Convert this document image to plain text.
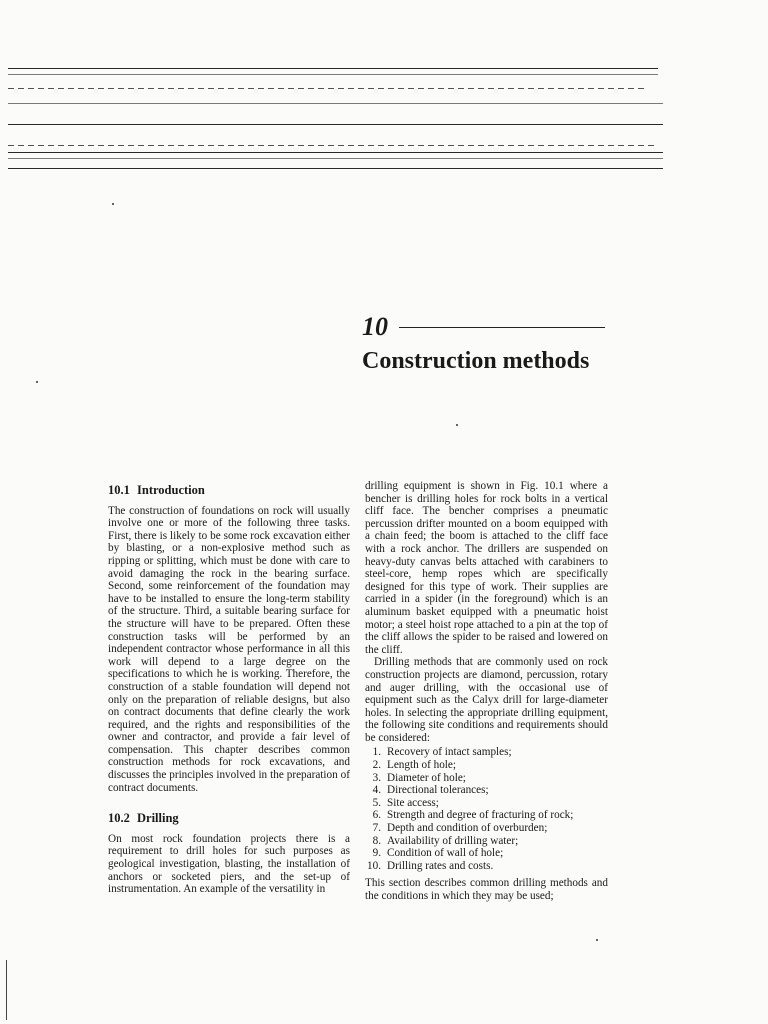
10
Construction methods
10.1 Introduction

The construction of foundations on rock will usually involve one or more of the following three tasks. First, there is likely to be some rock excavation either by blasting, or a non-explosive method such as ripping or splitting, which must be done with care to avoid damaging the rock in the bearing surface. Second, some reinforcement of the foundation may have to be installed to ensure the long-term stability of the structure. Third, a suitable bearing surface for the structure will have to be prepared. Often these construction tasks will be performed by an independent contractor whose performance in all this work will depend to a large degree on the specifications to which he is working. Therefore, the construction of a stable foundation will depend not only on the preparation of reliable designs, but also on contract documents that define clearly the work required, and the rights and responsibilities of the owner and contractor, and provide a fair level of compensation. This chapter describes common construction methods for rock excavations, and discusses the principles involved in the preparation of contract documents.

10.2 Drilling

On most rock foundation projects there is a requirement to drill holes for such purposes as geological investigation, blasting, the installation of anchors or socketed piers, and the set-up of instrumentation. An example of the versatility in

drilling equipment is shown in Fig. 10.1 where a bencher is drilling holes for rock bolts in a vertical cliff face. The bencher comprises a pneumatic percussion drifter mounted on a boom equipped with a chain feed; the boom is attached to the cliff face with a rock anchor. The drillers are suspended on heavy-duty canvas belts attached with carabiners to steel-core, hemp ropes which are specifically designed for this type of work. Their supplies are carried in a spider (in the foreground) which is an aluminum basket equipped with a pneumatic hoist motor; a steel hoist rope attached to a pin at the top of the cliff allows the spider to be raised and lowered on the cliff.

Drilling methods that are commonly used on rock construction projects are diamond, percussion, rotary and auger drilling, with the occasional use of equipment such as the Calyx drill for large-diameter holes. In selecting the appropriate drilling equipment, the following site conditions and requirements should be considered:

1. Recovery of intact samples;
2. Length of hole;
3. Diameter of hole;
4. Directional tolerances;
5. Site access;
6. Strength and degree of fracturing of rock;
7. Depth and condition of overburden;
8. Availability of drilling water;
9. Condition of wall of hole;
10. Drilling rates and costs.

This section describes common drilling methods and the conditions in which they may be used;
